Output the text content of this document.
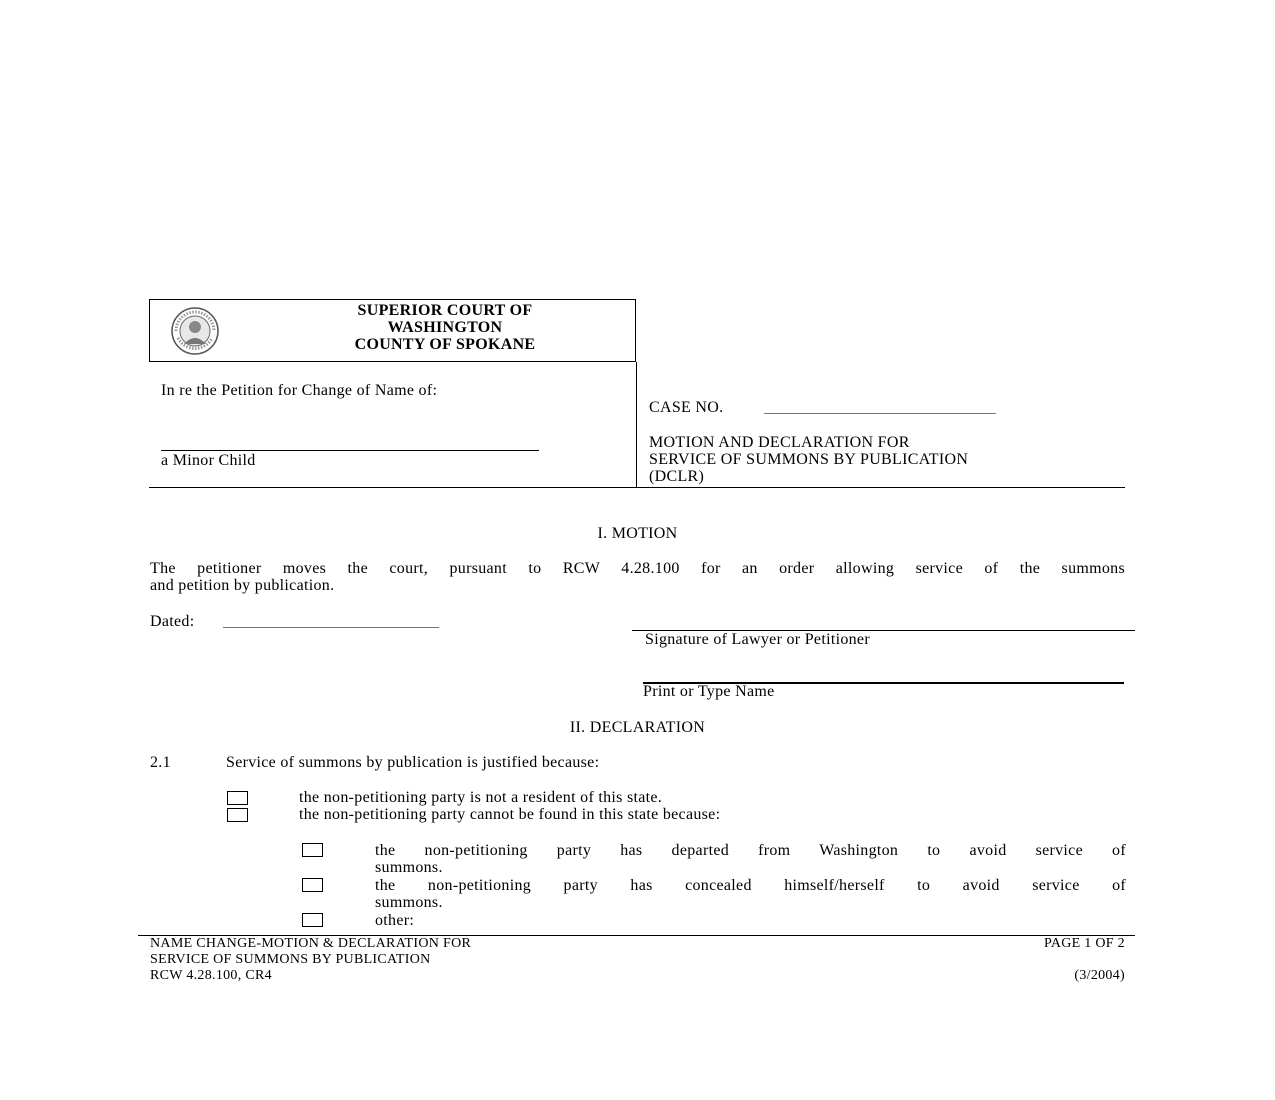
SUPERIOR COURT OF
WASHINGTON
COUNTY OF SPOKANE
In re the Petition for Change of Name of:
a Minor Child
CASE NO.	_____________________________
MOTION AND DECLARATION FOR
SERVICE OF SUMMONS BY PUBLICATION
(DCLR)
I. MOTION
The petitioner moves the court, pursuant to RCW 4.28.100 for an order allowing service of the summons
and petition by publication.
Dated: ___________________________
Signature of Lawyer or Petitioner
Print or Type Name
II. DECLARATION
2.1	Service of summons by publication is justified because:
the non-petitioning party is not a resident of this state.
the non-petitioning party cannot be found in this state because:
the non-petitioning party has departed from Washington to avoid service of
summons.
the non-petitioning party has concealed himself/herself to avoid service of
summons.
other:
NAME CHANGE-MOTION & DECLARATION FOR
SERVICE OF SUMMONS BY PUBLICATION
RCW 4.28.100, CR4
PAGE 1 OF 2
(3/2004)
